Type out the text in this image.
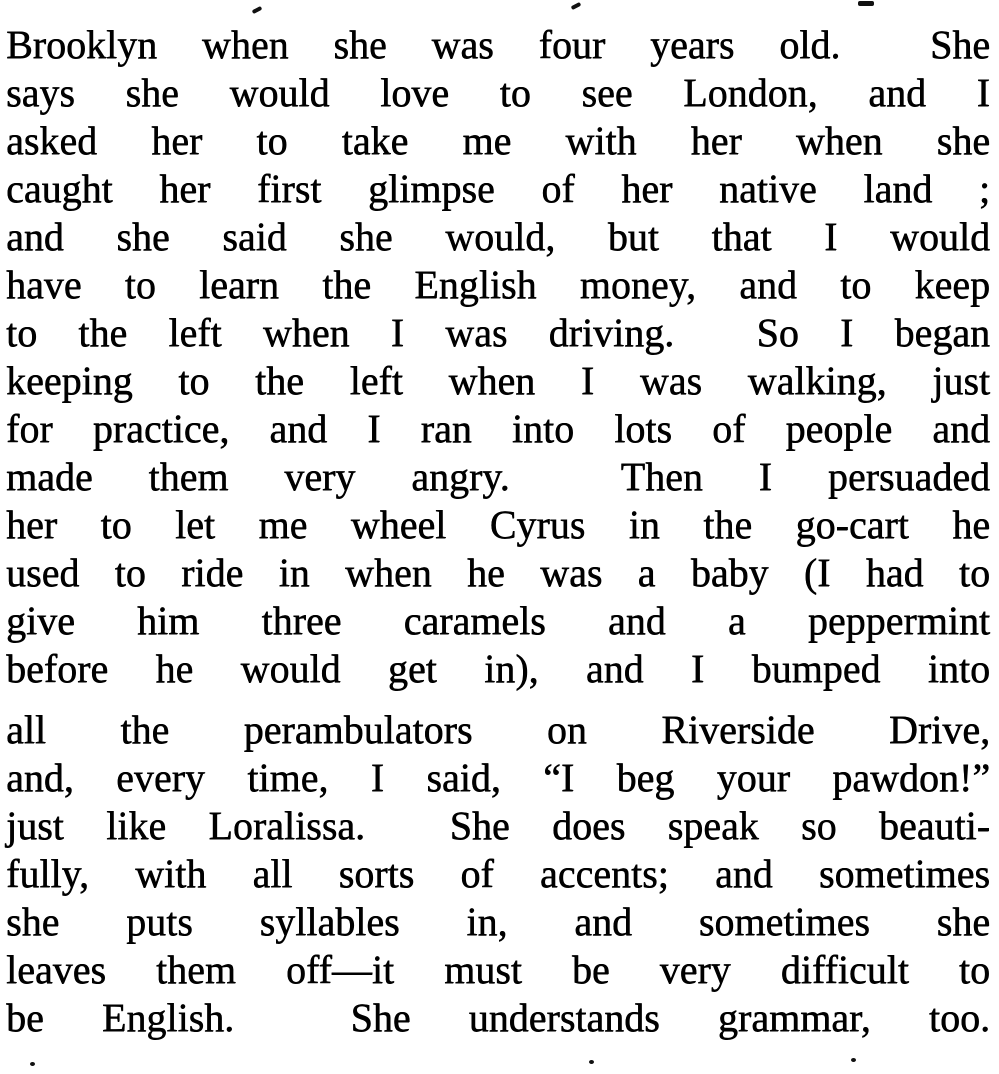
Brooklyn when she was four years old.  She
says she would love to see London, and I
asked her to take me with her when she
caught her first glimpse of her native land ;
and she said she would, but that I would
have to learn the English money, and to keep
to the left when I was driving.  So I began
keeping to the left when I was walking, just
for practice, and I ran into lots of people and
made them very angry.  Then I persuaded
her to let me wheel Cyrus in the go-cart he
used to ride in when he was a baby (I had to
give him three caramels and a peppermint
before he would get in), and I bumped into
all the perambulators on Riverside Drive,
and, every time, I said, “I beg your pawdon!”
just like Loralissa.  She does speak so beauti-
fully, with all sorts of accents; and sometimes
she puts syllables in, and sometimes she
leaves them off—it must be very difficult to
be English.  She understands grammar, too.
